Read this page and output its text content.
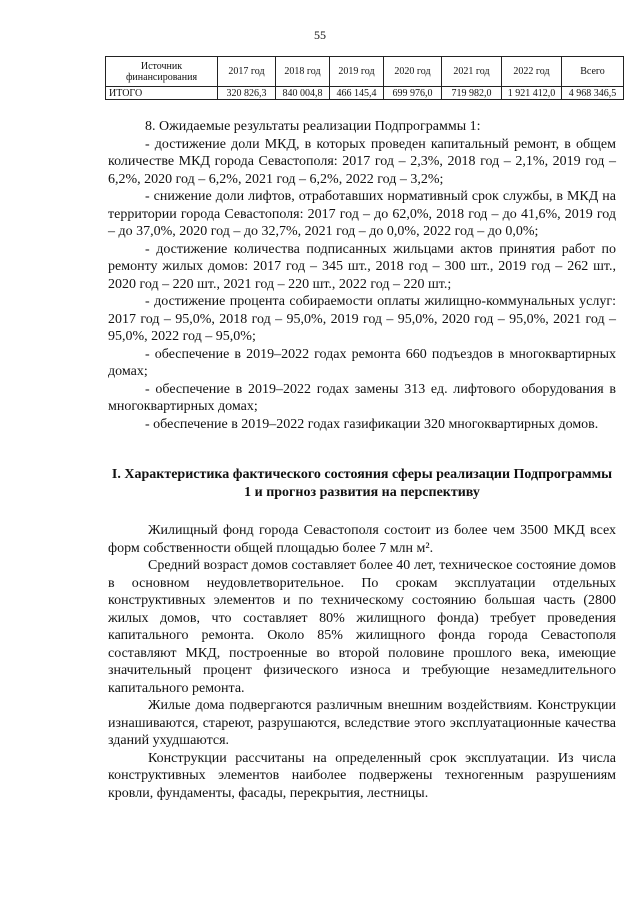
55
Источник финансирования	2017 год	2018 год	2019 год	2020 год	2021 год	2022 год	Всего
ИТОГО	320 826,3	840 004,8	466 145,4	699 976,0	719 982,0	1 921 412,0	4 968 346,5

8. Ожидаемые результаты реализации Подпрограммы 1:

- достижение доли МКД, в которых проведен капитальный ремонт, в общем количестве МКД города Севастополя: 2017 год – 2,3%, 2018 год – 2,1%, 2019 год – 6,2%, 2020 год – 6,2%, 2021 год – 6,2%, 2022 год – 3,2%;

- снижение доли лифтов, отработавших нормативный срок службы, в МКД на территории города Севастополя: 2017 год – до 62,0%, 2018 год – до 41,6%, 2019 год – до 37,0%, 2020 год – до 32,7%, 2021 год – до 0,0%, 2022 год – до 0,0%;

- достижение количества подписанных жильцами актов принятия работ по ремонту жилых домов: 2017 год – 345 шт., 2018 год – 300 шт., 2019 год – 262 шт., 2020 год – 220 шт., 2021 год – 220 шт., 2022 год – 220 шт.;

- достижение процента собираемости оплаты жилищно-коммунальных услуг: 2017 год – 95,0%, 2018 год – 95,0%, 2019 год – 95,0%, 2020 год – 95,0%, 2021 год – 95,0%, 2022 год – 95,0%;

- обеспечение в 2019–2022 годах ремонта 660 подъездов в многоквартирных домах;

- обеспечение в 2019–2022 годах замены 313 ед. лифтового оборудования в многоквартирных домах;

- обеспечение в 2019–2022 годах газификации 320 многоквартирных домов.

I. Характеристика фактического состояния сферы реализации Подпрограммы 1 и прогноз развития на перспективу

Жилищный фонд города Севастополя состоит из более чем 3500 МКД всех форм собственности общей площадью более 7 млн м².

Средний возраст домов составляет более 40 лет, техническое состояние домов в основном неудовлетворительное. По срокам эксплуатации отдельных конструктивных элементов и по техническому состоянию большая часть (2800 жилых домов, что составляет 80% жилищного фонда) требует проведения капитального ремонта. Около 85% жилищного фонда города Севастополя составляют МКД, построенные во второй половине прошлого века, имеющие значительный процент физического износа и требующие незамедлительного капитального ремонта.

Жилые дома подвергаются различным внешним воздействиям. Конструкции изнашиваются, стареют, разрушаются, вследствие этого эксплуатационные качества зданий ухудшаются.

Конструкции рассчитаны на определенный срок эксплуатации. Из числа конструктивных элементов наиболее подвержены техногенным разрушениям кровли, фундаменты, фасады, перекрытия, лестницы.
